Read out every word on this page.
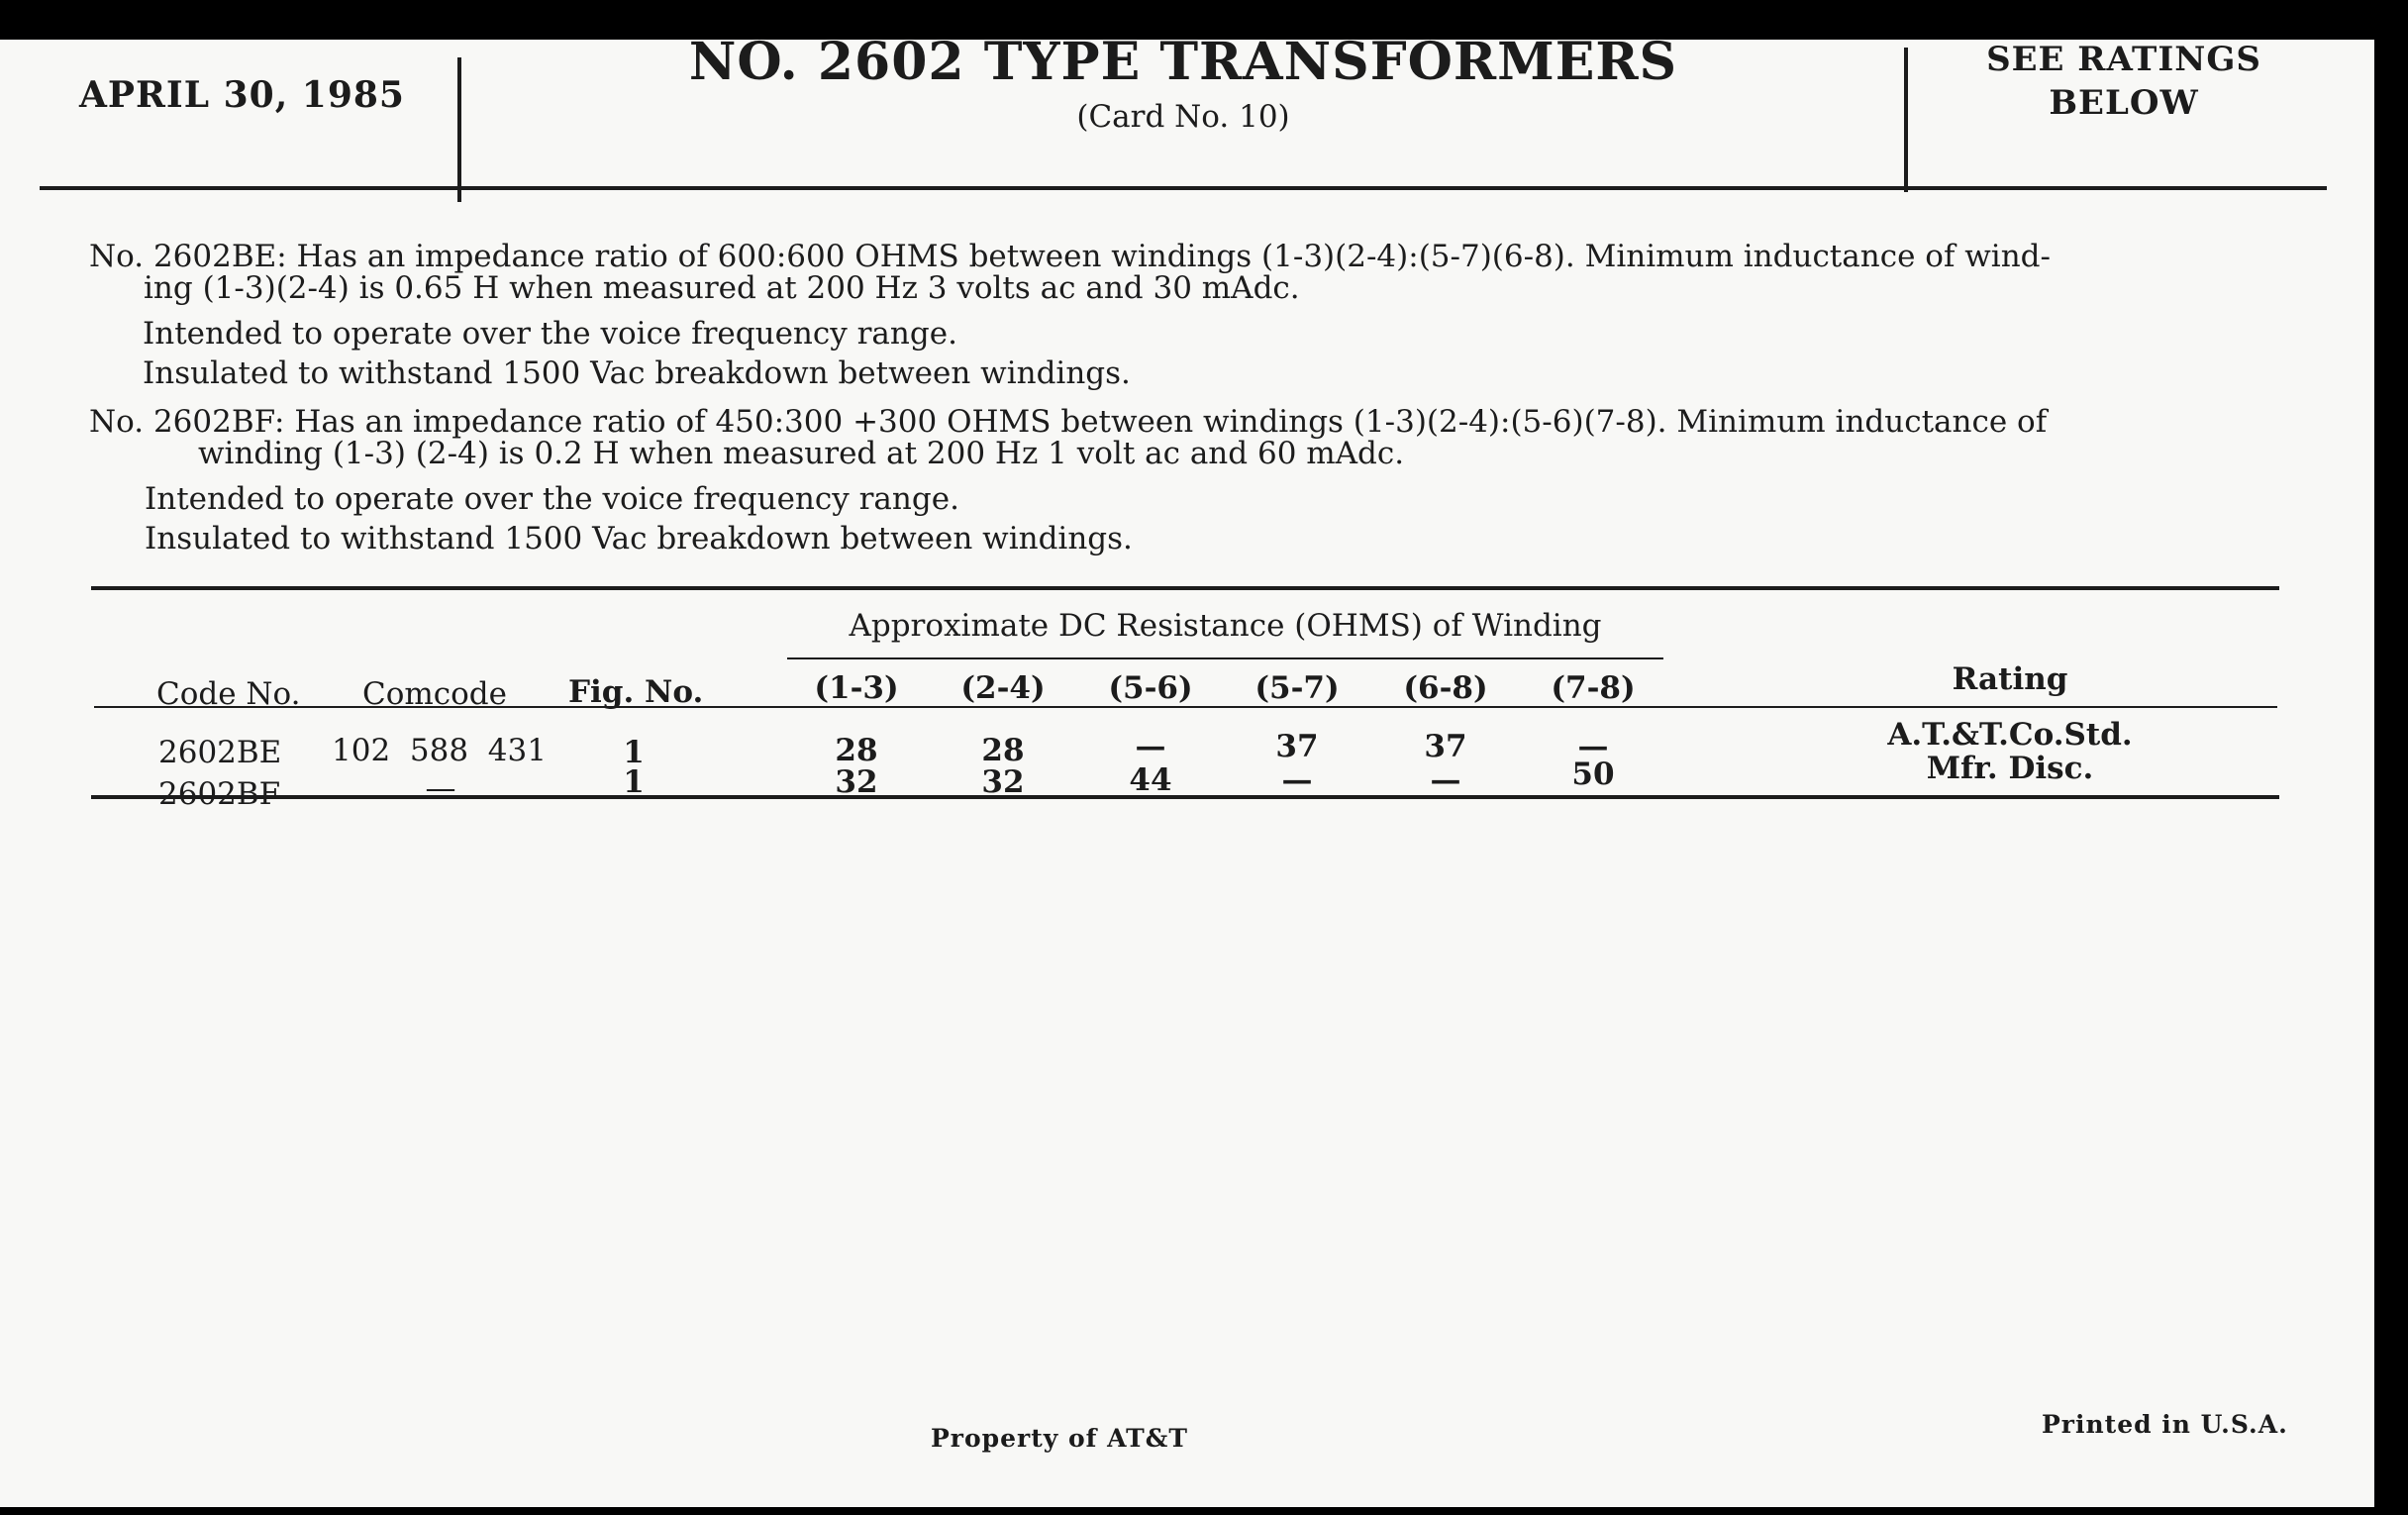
APRIL 30, 1985
NO. 2602 TYPE TRANSFORMERS
(Card No. 10)
SEE RATINGS
BELOW
No. 2602BE: Has an impedance ratio of 600:600 OHMS between windings (1-3)(2-4):(5-7)(6-8). Minimum inductance of wind-
ing (1-3)(2-4) is 0.65 H when measured at 200 Hz 3 volts ac and 30 mAdc.
Intended to operate over the voice frequency range.
Insulated to withstand 1500 Vac breakdown between windings.
No. 2602BF: Has an impedance ratio of 450:300 +300 OHMS between windings (1-3)(2-4):(5-6)(7-8). Minimum inductance of
winding (1-3) (2-4) is 0.2 H when measured at 200 Hz 1 volt ac and 60 mAdc.
Intended to operate over the voice frequency range.
Insulated to withstand 1500 Vac breakdown between windings.
Approximate DC Resistance (OHMS) of Winding
Code No. Comcode Fig. No.	(1-3)	(2-4)	(5-6)	(5-7)	(6-8)	(7-8)	Rating
2602BE 102  588  431	1	28	28	—	37	37	—	A.T.&T.Co.Std.
2602BF	—	1	32	32	44	—	—	50	Mfr. Disc.
Property of AT&T	Printed in U.S.A.
